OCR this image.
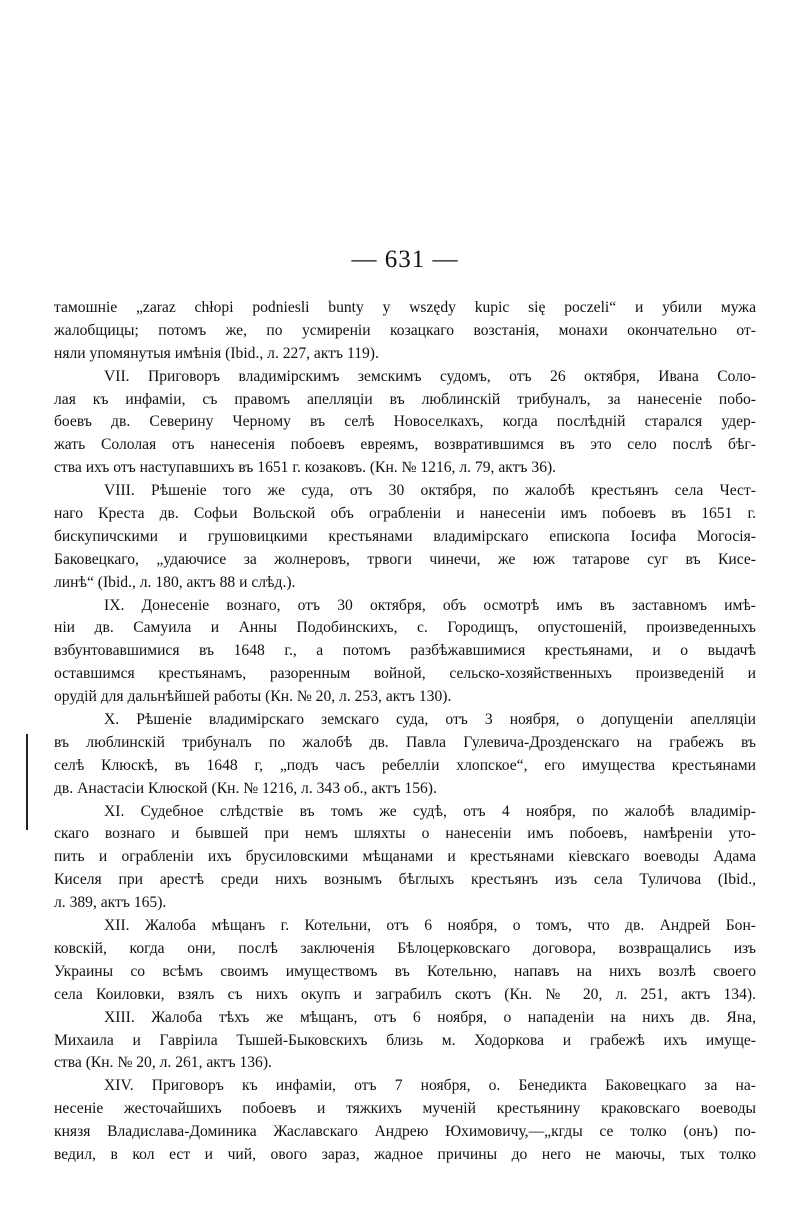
— 631 —
тамошніе „zaraz chłopi podniesli bunty y wszędy kupic się poczeli“ и убили мужа
жалобщицы; потомъ же, по усмиреніи козацкаго возстанія, монахи окончательно от-
няли упомянутыя имѣнія (Ibid., л. 227, актъ 119).
VII. Приговоръ владимірскимъ земскимъ судомъ, отъ 26 октября, Ивана Соло-
лая къ инфаміи, съ правомъ апелляціи въ люблинскій трибуналъ, за нанесеніе побо-
боевъ дв. Северину Черному въ селѣ Новоселкахъ, когда послѣдній старался удер-
жать Сололая отъ нанесенія побоевъ евреямъ, возвратившимся въ это село послѣ бѣг-
ства ихъ отъ наступавшихъ въ 1651 г. козаковъ. (Кн. № 1216, л. 79, актъ 36).
VIII. Рѣшеніе того же суда, отъ 30 октября, по жалобѣ крестьянъ села Чест-
наго Креста дв. Софьи Вольской объ ограбленіи и нанесеніи имъ побоевъ въ 1651 г.
бискупичскими и грушовицкими крестьянами владимірскаго епископа Іосифа Могосія-
Баковецкаго, „удаючисе за жолнеровъ, трвоги чинечи, же юж татарове суг въ Кисе-
линѣ“ (Ibid., л. 180, актъ 88 и слѣд.).
IX. Донесеніе вознаго, отъ 30 октября, объ осмотрѣ имъ въ заставномъ имѣ-
ніи дв. Самуила и Анны Подобинскихъ, с. Городищъ, опустошеній, произведенныхъ
взбунтовавшимися въ 1648 г., а потомъ разбѣжавшимися крестьянами, и о выдачѣ
оставшимся крестьянамъ, разоренным войной, сельско-хозяйственныхъ произведеній и
орудій для дальнѣйшей работы (Кн. № 20, л. 253, актъ 130).
X. Рѣшеніе владимірскаго земскаго суда, отъ 3 ноября, о допущеніи апелляціи
въ люблинскій трибуналъ по жалобѣ дв. Павла Гулевича-Дрозденскаго на грабежъ въ
селѣ Клюскѣ, въ 1648 г, „подъ часъ ребелліи хлопское“, его имущества крестьянами
дв. Анастасіи Клюской (Кн. № 1216, л. 343 об., актъ 156).
XI. Судебное слѣдствіе въ томъ же судѣ, отъ 4 ноября, по жалобѣ владимір-
скаго вознаго и бывшей при немъ шляхты о нанесеніи имъ побоевъ, намѣреніи уто-
пить и ограбленіи ихъ брусиловскими мѣщанами и крестьянами кіевскаго воеводы Адама
Киселя при арестѣ среди нихъ вознымъ бѣглыхъ крестьянъ изъ села Туличова (Ibid.,
л. 389, актъ 165).
XII. Жалоба мѣщанъ г. Котельни, отъ 6 ноября, о томъ, что дв. Андрей Бон-
ковскій, когда они, послѣ заключенія Бѣлоцерковскаго договора, возвращались изъ
Украины со всѣмъ своимъ имуществомъ въ Котельню, напавъ на нихъ возлѣ своего
села Коиловки, взялъ съ нихъ окупъ и заграбилъ скотъ (Кн. № 20, л. 251, актъ 134).
XIII. Жалоба тѣхъ же мѣщанъ, отъ 6 ноября, о нападеніи на нихъ дв. Яна,
Михаила и Гавріила Тышей-Быковскихъ близь м. Ходоркова и грабежѣ ихъ имуще-
ства (Кн. № 20, л. 261, актъ 136).
XIV. Приговоръ къ инфаміи, отъ 7 ноября, о. Бенедикта Баковецкаго за на-
несеніе жесточайшихъ побоевъ и тяжкихъ мученій крестьянину краковскаго воеводы
князя Владислава-Доминика Жаславскаго Андрею Юхимовичу,—„кгды се толко (онъ) по-
ведил, в кол ест и чий, ового зараз, жадное причины до него не маючы, тых толко
